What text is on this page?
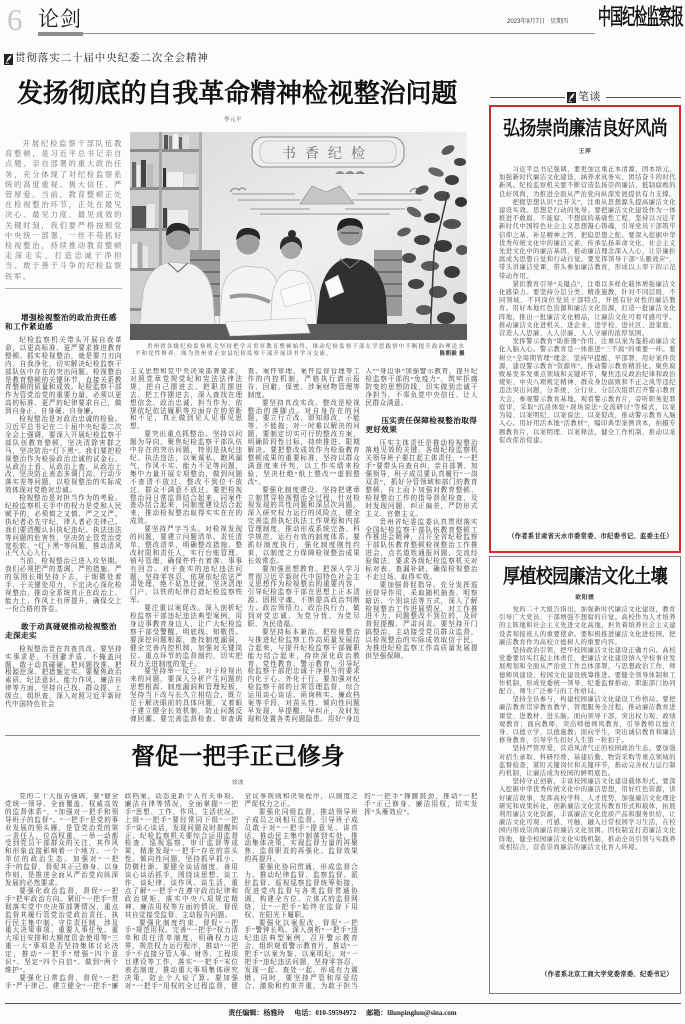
6 论剑	2023年9月7日 星期四 中国纪检监察报
贯彻落实二十届中央纪委二次全会精神
发扬彻底的自我革命精神检视整治问题
李元平

开展纪检监察干部队伍教育整顿，是习近平总书记亲自点题、亲自部署的重大政治任务，充分体现了对纪检监察系统的高度重视、极大信任、严管厚爱。当前，教育整顿正处在检视整治环节，正处在最见决心、最见力度、最见成效的关键时刻，我们要严格按照党中央统一部署，一丝不苟抓好检视整治，持续推动教育整顿走深走实，打造忠诚干净担当、敢于善于斗争的纪检监察铁军。

书香纪检

贵州省各级纪检监察机关坚持把学习贯穿教育整顿始终，推动纪检监察干部在学思践悟中不断提升政治理论水平和党性修养。图为贵州省正安县纪检监察干部开展读书学习交流。	陈朝毅 摄

增强检视整治的政治责任感和工作紧迫感

纪检监察机关带头开展自我革命，以更高标准、更严要求推进教育整顿、抓实检视整治，就是要刀刃向内、自我净化，切实解决纪检监察干部队伍中存在的突出问题。检视整治是教育整顿的关键环节，直接关系教育整顿的质量和成效。纪检监察干部作为管党治党的重要力量，必须以更高的标准、更严的纪律要求自己，做到自身正、自身硬、自身廉。

检视整治是对政治忠诚的检验。习近平总书记在二十届中央纪委二次全会上强调，要深入开展纪检监察干部队伍教育整顿，坚决清除害群之马，坚决防治“灯下黑”。我们要把检视整治作为检验政治忠诚的试金石，从政治上看、从政治上查、从政治上改，坚决防止表态多调门高、行动少落实差等问题，以检视整治的实际成效体现对党绝对忠诚。

检视整治是对担当作为的考验。纪检监察机关手中的权力是党和人民赋予的，必须慎之又慎、严之又严。执纪者必先守纪，律人者必先律己。我们要清醒认识执纪违纪、执法违法等问题的危害性，坚决防止管党治党宽松软、“灯下黑”等问题，推动清风正气入心入行。

当前，检视整治已进入攻坚期。我们必须把严的基调、严的措施、严的氛围长期坚持下去，于细微处着手、于关键处用力，下定决心深化检视整治，推动全系统真正在政治上、能力上、作风上有所提升，确保交上一份合格的答卷。

敢于动真碰硬推动检视整治走深走实

检视整治贵在真查真改。要坚持实事求是，不回避矛盾、不掩盖问题，敢于动真碰硬，把问题找准、把根源挖深、把措施定实。要聚焦政治素质、纪法意识、能力作风、廉洁自律等方面，坚持自己找、群众提、上级点、组织查，深入对照习近平新时代中国特色社会

主义思想和党中央决策部署要求，对照党章党规党纪和宪法法律法规，把自己摆进去、把职责摆进去、把工作摆进去，深入查找在理想信念、政治忠诚、担当作为、依规依纪依法履职等方面存在的差距和不足，真正做到见人见事见思想。

要突出重点抓整治。坚持以问题为导向，聚焦纪检监察干部队伍中存在的突出问题，特别是执纪违纪、执法违法，以案谋私、跑风漏气，作风不实、能力不足等问题，集中力量开展专项整治，做到问题不查清不放过、整改不到位不放过、群众不满意不放过。要把检视整治同日常监督结合起来，同案件查办结合起来，同制度建设结合起来，推动检视整治取得实实在在的成效。

要坚持严字当头。对检视发现的问题，要建立问题清单、责任清单、整改清单，明确整改措施、整改时限和责任人，实行台账管理、销号管理，确保件件有着落、事事有回音。对于查实的违纪违法问题，坚持零容忍，依规依纪依法严肃处理，绝不姑息迁就，坚决清理门户，以铁的纪律打造纪检监察铁军。

要注重以案促改。深入剖析纪检监察干部违纪违法典型案例，用身边事教育身边人，让广大纪检监察干部受警醒、明底线、知敬畏。要深挖问题根源，查找制度漏洞，健全完善内控机制，加强对关键岗位、重点环节的监督制约，切实把权力关进制度的笼子。

要坚持举一反三。对于检视出来的问题，要深入分析产生问题的思想根源、制度漏洞和管理短板，坚持当下改与长久立相结合，既立足于解决眼前的具体问题，又着眼于建立健全长效机制，防止问题反弹回潮。要完善监督检查、审查调查、案件审理、案件监督管理等工作的内控机制，严格执行请示报告、回避、保密、涉案财物管理等制度。

要坚持真改实改。整改是检视整治的落脚点。对自身存在的问题，要立行立改、即知即改，不能等、不能拖；对一时难以解决的问题，要制定切实可行的整改方案，明确阶段性目标，持续推进、限期解决。要把整改成效作为检验教育整顿成果的重要标准，坚持以群众满意度来评判，以工作实绩来检验，坚决杜绝“纸上整改”“虚假整改”。

要强化制度建设。坚持把建章立制贯穿检视整治全过程，针对检视发现的共性问题和深层次问题，深入研究权力运行的风险点，健全完善监督执纪执法工作规程和内部管理制度，推动形成系统完备、科学规范、运行有效的制度体系。要抓好制度执行，强化制度刚性约束，以制度之力保障检视整治成果长效常态。

要加强思想教育。把深入学习贯彻习近平新时代中国特色社会主义思想作为检视整治的重要内容，引导纪检监察干部在思想上正本清源、固根守魂，不断提高政治判断力、政治领悟力、政治执行力，做到对党忠诚、为党分忧、为党尽职、为民造福。

要坚持标本兼治。把检视整治与推进纪检监察工作高质量发展结合起来，与提升纪检监察干部履职能力结合起来，持续深化政治教育、党性教育、警示教育，引导纪检监察干部把忠诚干净担当的要求内化于心、外化于行。要加强对纪检监察干部的日常管理监督，综合运用谈心谈话、函询核实、廉政档案等手段，对苗头性、倾向性问题早发现、早提醒、早纠正，及时发现和处置各类问题隐患。用好“身边人”“身边事”加强警示教育，提升纪检监察干部的“免疫力”，筑牢拒腐防变的思想防线，切实做到忠诚干净担当，不辜负党中央信任、让人民群众满意。

压实责任保障检视整治取得更好效果

压实主体责任是推动检视整治落地见效的关键。各级纪检监察机关领导班子要扛起主体责任，“一把手”要带头自查自纠，亲自部署、加强领导，班子成员要认真履行“一岗双责”，抓好分管领域和部门的教育整顿，自上而下加强对教育整顿、检视整治工作的指导督促检查，及时发现问题、纠正偏差，严防形式主义、官僚主义。

贵州省纪委监委认真贯彻落实全国纪检监察干部队伍教育整顿工作推进会精神，召开全省纪检监察干部队伍教育整顿检视整治工作推进会，点名道姓通报问题，交流经验做法，要求各级纪检监察机关对标对表、查漏补缺，确保检视整治不走过场、取得实效。

要加强督促指导。充分发挥巡回督导作用，采取随机抽查、明察暗访、个别谈话等方式，深入了解检视整治工作进展情况，对工作推进不力、问题整改不到位的，及时督促提醒、严肃问责。要坚持开门搞整治，主动接受党员群众监督，以检视整治的实际成效取信于民，为推进纪检监察工作高质量发展提供坚强保障。

督促一把手正己修身
徐波

党的二十大报告强调，要“健全党统一领导、全面覆盖、权威高效的监督体系”，“加强对一把手和领导班子的监督”。“一把手”是党的事业发展的领头雁，是管党治党的第一责任人，位高权重，一举一动都受到党员干部群众的关注，其作风和形象直接影响着一个地方、一个单位的政治生态。加强对“一把手”的监督，督促其正己修身、以身作则，是推进全面从严治党向纵深发展的必然要求。

要强化政治监督，督促“一把手”把牢政治方向。紧盯“一把手”贯彻落实党中央决策部署情况，重点监督其履行管党治党政治责任、执行民主集中制、守住责任制，涉及重大决策事项、重要人事任免、重大项目安排和大额度资金使用等“三重一大”事项是否坚持集体讨论决定，推动“一把手”增强“四个意识”、坚定“四个自信”、做到“两个维护”。

要强化日常监督，督促“一把手”严于律己。建立健全“一把手”廉政档案，动态更新个人有关事项、廉洁自律等情况，全面掌握“一把手”思想、工作、作风、生活状况。上级“一把手”要经常同下级“一把手”谈心谈话，发现问题及时提醒纠正。纪检监察机关要综合运用监督检查、巡视巡察、审计监督等成果，精准发现“一把手”存在的苗头性、倾向性问题，坚持抓早抓小、防微杜渐。要健全谈话制度，善用谈心谈话抓手，围绕谈思想、谈工作、谈纪律、谈作风、谈生活，重点了解“一把手”在遵守政治纪律和政治规矩、落实中央八项规定精神、廉洁用权等方面的情况，督促其自觉接受监督、主动报告问题。

要强化制度约束，督促“一把手”规范用权。完善“一把手”权力清单和责任清单制度，明确权力边界，规范权力运行程序，推动“一把手”不直接分管人事、财务、工程项目建设等工作，落实“一把手”末位表态制度，推动重大事项集体研究决策，防止个人说了算。要加强对“一把手”用权的全过程监督，健全议事规则和决策程序，以制度之严促权力之正。

要强化同级监督，推动领导班子成员之间相互监督。引导班子成员敢于对“一把手”提意见、讲真话，推动民主集中制落到实处，推动集体决策，实现监督力量的再聚焦、监督职责的再强化、监督效果的再提升。

要强化协同贯通，形成监督合力。推动纪律监督、监察监督、派驻监督、巡视巡察监督统筹衔接，促进党内监督与各类监督贯通协调，构建全方位、立体式的监督网络，让“一把手”始终在监督下用权、在阳光下履职。

要强化以案促改，督促“一把手”警钟长鸣。深入剖析“一把手”违纪违法典型案例，召开警示教育会，组织观看警示教育片，推动“一把手”以案为鉴、以案明纪。对“一把手”违纪违法问题，坚持零容忍，发现一起、查处一起，形成有力震慑。同时，要坚持严管和厚爱结合、激励和约束并重，为敢于担当的“一把手”撑腰鼓劲，推动“一把手”正己修身、廉洁用权，切实发挥“头雁效应”。

笔谈
弘扬崇尚廉洁良好风尚
王萍

习近平总书记强调，要更加注重正本清源、固本培元，加强新时代廉洁文化建设，涵养求真务实、团结奋斗的时代新风。纪检监察机关要不断营造弘扬崇尚廉洁、抵制腐败的良好风尚，为推进全面从严治党向纵深发展提供有力支撑。

把握思想认识“总开关”，注重从思想源头提高廉洁文化建设实效。思想是行动的先导。要把廉洁文化建设作为一体推进不敢腐、不能腐、不想腐的基础性工程，坚持以习近平新时代中国特色社会主义思想凝心铸魂，引导党员干部筑牢信仰之基、补足精神之钙、把稳思想之舵。要深入挖掘中华优秀传统文化中的廉洁元素，传承弘扬革命文化、社会主义先进文化中的廉洁基因，推动廉洁理念深入人心，让崇廉拒腐成为思想自觉和行动自觉。要发挥领导干部“头雁效应”，带头讲廉洁党课、带头参加廉洁教育，形成以上率下的示范带动作用。

紧扣教育引导“关键点”，注重以多样化载体增强廉洁文化感染力。要坚持分层分类、精准施教，针对不同层级、不同领域、不同岗位党员干部特点，开展有针对性的廉洁教育。用好本地红色资源和廉洁文化资源，打造一批廉洁文化阵地，推出一批廉洁文化精品，让廉洁文化可看可感可学。推动廉洁文化进机关、进企业、进学校、进社区、进家庭，营造人人思廉、人人崇廉、人人守廉的浓厚氛围。

发挥警示教育“助推器”作用，注重以案为鉴推动廉洁文化入脑入心。警示教育是一体推进“三不腐”的重要一环。要树立“全周期管理”理念，坚持早提醒、早部署，用好案件资源，建设警示教育“资源库”，推动警示教育精准化。聚焦腐败易发多发重点领域和关键环节，聚焦违反政治纪律和政治规矩、中央八项规定精神、群众身边腐败和不正之风等违纪违法突出问题，分系统、分行业、分层次组织召开警示教育大会，参观警示教育基地，观看警示教育片，旁听职务犯罪庭审，采取“沉浸体验+现场说法+交流研讨”等模式，以案为镜、以案明纪、以案说法、以案促改，推动警示教育入脑入心。用好用活本地“活教材”，编印典型案例读本，拍摄专题教育片，以案明理、以案释法，健全工作机制，推动以案促改促治促建。

（作者系甘肃省天水市委常委、市纪委书记、监委主任）
厚植校园廉洁文化土壤
欧阳媛

党的二十大报告指出，加强新时代廉洁文化建设，教育引导广大党员、干部增强不想腐的自觉。高校作为人才培养的主阵地和社会主义先进文化高地，担负着培养社会主义建设者和接班人的重要使命。要积极推进廉洁文化进校园，把廉洁教育作为高校立德树人的重要内容。

坚持政治引领，把牢校园廉洁文化建设正确方向。高校党委要切实扛起主体责任，把廉洁文化建设纳入学校事业发展规划和全面从严治党工作总体部署，与思想政治工作、师德师风建设、校园文化建设统筹推进。要健全领导体制和工作机制，形成党委统一领导、纪委监督推动、职能部门协同配合、师生广泛参与的工作格局。

坚持全员参与，构建校园廉洁文化建设工作格局。要把廉洁教育贯穿教育教学、管理服务全过程，推动廉洁教育进课堂、进教材、进头脑。面向领导干部，突出权力观、政绩观教育；面向教师，突出师德师风教育，引导教师以德立身、以德立学、以德施教；面向学生，突出诚信教育和廉洁修身教育，引导学生扣好人生第一粒扣子。

坚持严管厚爱，营造风清气正的校园政治生态。要加强对招生录取、科研经费、基建后勤、物资采购等重点领域的监督检查，紧盯关键岗位和关键环节，推动完善权力运行制约机制，让廉洁成为校园的鲜明底色。

坚持守正创新，丰富校园廉洁文化建设载体形式。要深入挖掘中华优秀传统文化中的廉洁思想，用好红色资源，讲好廉洁故事，发挥高校学科、人才优势，加强廉洁文化理论研究和成果转化，创新廉洁文化宣传教育形式和载体，拓展利用廉洁文化资源，丰富廉洁文化优质产品和服务供给，让廉洁文化可观、可感、可触，融入日常校园学习生活，在校园内形成崇尚廉洁的廉洁文化氛围。因校制宜打造廉洁文化阵地，健全校园廉洁文化实践机制，推动全员引领与实践养成相结合，营造崇尚廉洁的廉洁文化育人环境。

（作者系北京工商大学党委常委、纪委书记）
责任编辑：杨雅玲 电话：010-59594972 邮箱：lilunpinglun@sina.com
